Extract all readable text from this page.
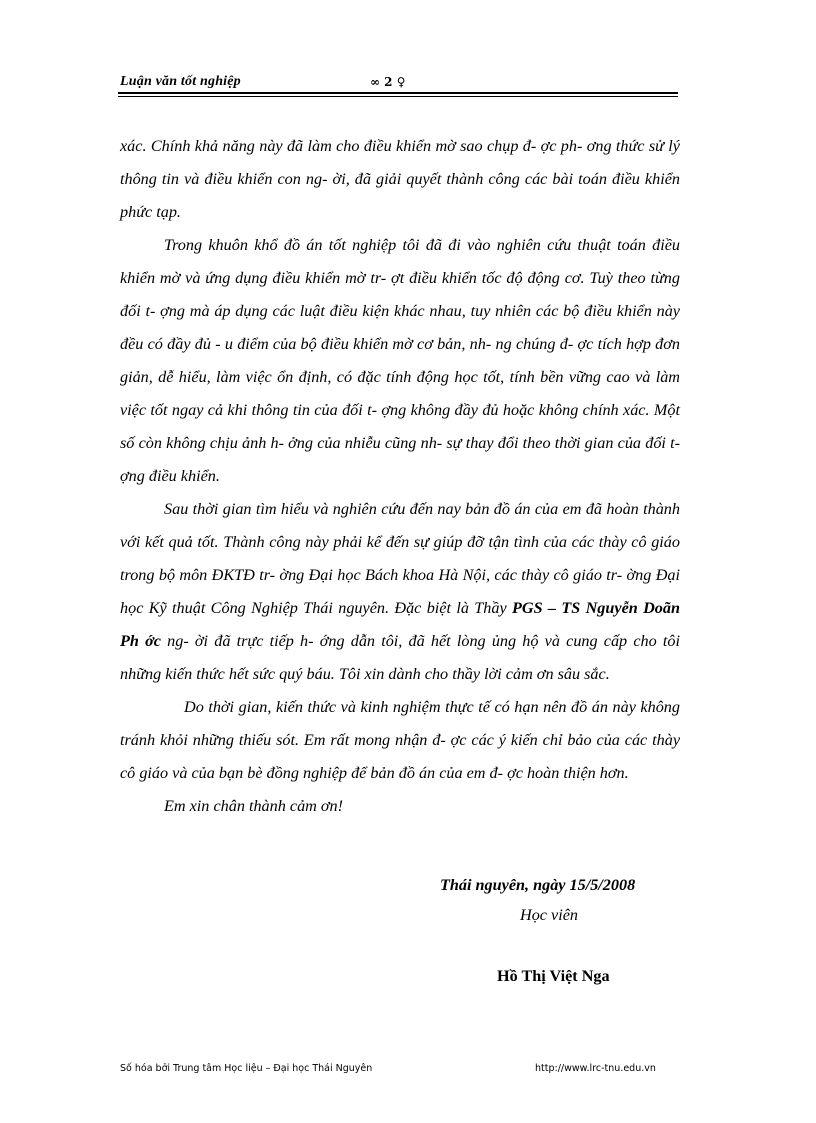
Luận văn tốt nghiệp	∞ 2 ♀

xác. Chính khả năng này đã làm cho điều khiển mờ sao chụp đ- ợc ph- ơng thức sử lý thông tin và điều khiển con ng- ời, đã giải quyết thành công các bài toán điều khiển phức tạp.

Trong khuôn khổ đồ án tốt nghiệp tôi đã đi vào nghiên cứu thuật toán điều khiển mờ và ứng dụng điều khiển mờ tr- ợt điều khiển tốc độ động cơ. Tuỳ theo từng đối t- ợng mà áp dụng các luật điều kiện khác nhau, tuy nhiên các bộ điều khiển này đều có đầy đủ - u điểm của bộ điều khiển mờ cơ bản, nh- ng chúng đ- ợc tích hợp đơn giản, dễ hiểu, làm việc ổn định, có đặc tính động học tốt, tính bền vững cao và làm việc tốt ngay cả khi thông tin của đối t- ợng không đầy đủ hoặc không chính xác. Một số còn không chịu ảnh h- ởng của nhiễu cũng nh- sự thay đổi theo thời gian của đối t- ợng điều khiển.

Sau thời gian tìm hiểu và nghiên cứu đến nay bản đồ án của em đã hoàn thành với kết quả tốt. Thành công này phải kể đến sự giúp đỡ tận tình của các thày cô giáo trong bộ môn ĐKTĐ tr- ờng Đại học Bách khoa Hà Nội, các thày cô giáo tr- ờng Đại học Kỹ thuật Công Nghiệp Thái nguyên. Đặc biệt là Thầy PGS – TS Nguyễn Doãn Ph ớc ng- ời đã trực tiếp h- ớng dẫn tôi, đã hết lòng ủng hộ và cung cấp cho tôi những kiến thức hết sức quý báu. Tôi xin dành cho thầy lời cảm ơn sâu sắc.

Do thời gian, kiến thức và kinh nghiệm thực tế có hạn nên đồ án này không tránh khỏi những thiếu sót. Em rất mong nhận đ- ợc các ý kiến chỉ bảo của các thày cô giáo và của bạn bè đồng nghiệp để bản đồ án của em đ- ợc hoàn thiện hơn.

Em xin chân thành cảm ơn!

Thái nguyên, ngày 15/5/2008
Học viên
Hồ Thị Việt Nga
Số hóa bởi Trung tâm Học liệu – Đại học Thái Nguyên	http://www.lrc-tnu.edu.vn
